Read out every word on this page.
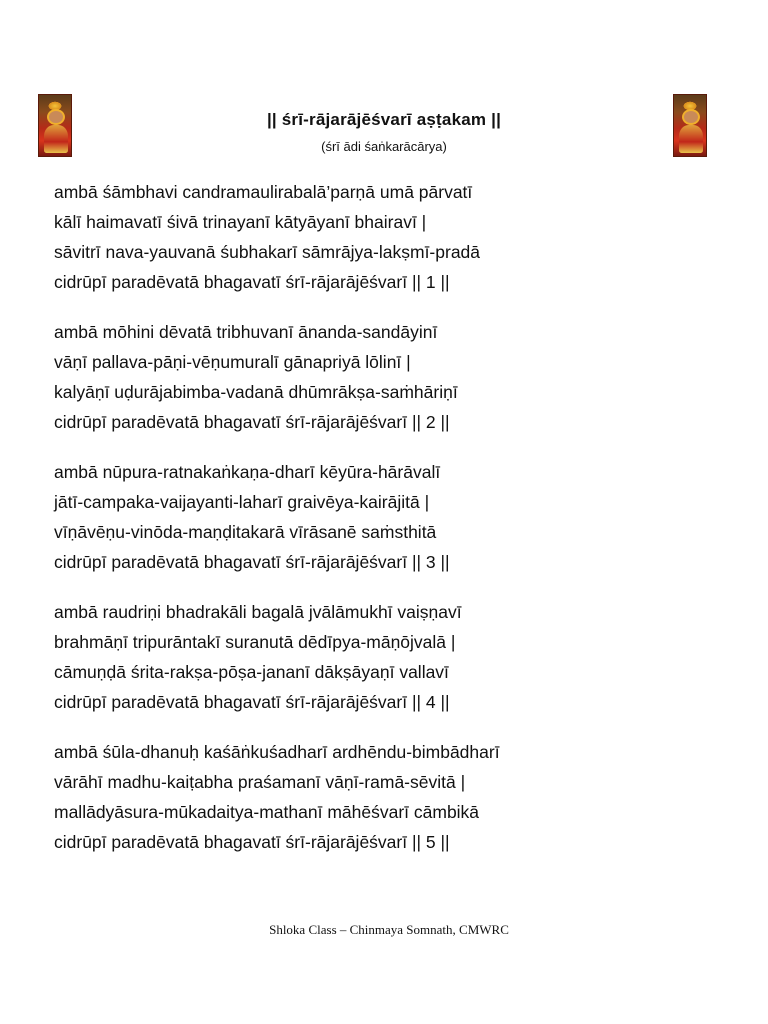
|| śrī-rājarājēśvarī aṣṭakam ||
(śrī ādi śaṅkarācārya)
ambā śāmbhavi candramaulirabalā’parṇā umā pārvatī
kālī haimavatī śivā trinayanī kātyāyanī bhairavī |
sāvitrī nava-yauvanā śubhakarī sāmrājya-lakṣmī-pradā
cidrūpī paradēvatā bhagavatī śrī-rājarājēśvarī || 1 ||
ambā mōhini dēvatā tribhuvanī ānanda-sandāyinī
vāṇī pallava-pāṇi-vēṇumuralī gānapriyā lōlinī |
kalyāṇī uḍurājabimba-vadanā dhūmrākṣa-saṁhāriṇī
cidrūpī paradēvatā bhagavatī śrī-rājarājēśvarī || 2 ||
ambā nūpura-ratnakaṅkaṇa-dharī kēyūra-hārāvalī
jātī-campaka-vaijayanti-laharī graivēya-kairājitā |
vīṇāvēṇu-vinōda-maṇḍitakarā vīrāsanē saṁsthitā
cidrūpī paradēvatā bhagavatī śrī-rājarājēśvarī || 3 ||
ambā raudriṇi bhadrakāli bagalā jvālāmukhī vaiṣṇavī
brahmāṇī tripurāntakī suranutā dēdīpya-māṇōjvalā |
cāmuṇḍā śrita-rakṣa-pōṣa-jananī dākṣāyaṇī vallavī
cidrūpī paradēvatā bhagavatī śrī-rājarājēśvarī || 4 ||
ambā śūla-dhanuḥ kaśāṅkuśadharī ardhēndu-bimbādharī
vārāhī madhu-kaiṭabha praśamanī vāṇī-ramā-sēvitā |
mallādyāsura-mūkadaitya-mathanī māhēśvarī cāmbikā
cidrūpī paradēvatā bhagavatī śrī-rājarājēśvarī || 5 ||
Shloka Class – Chinmaya Somnath, CMWRC
